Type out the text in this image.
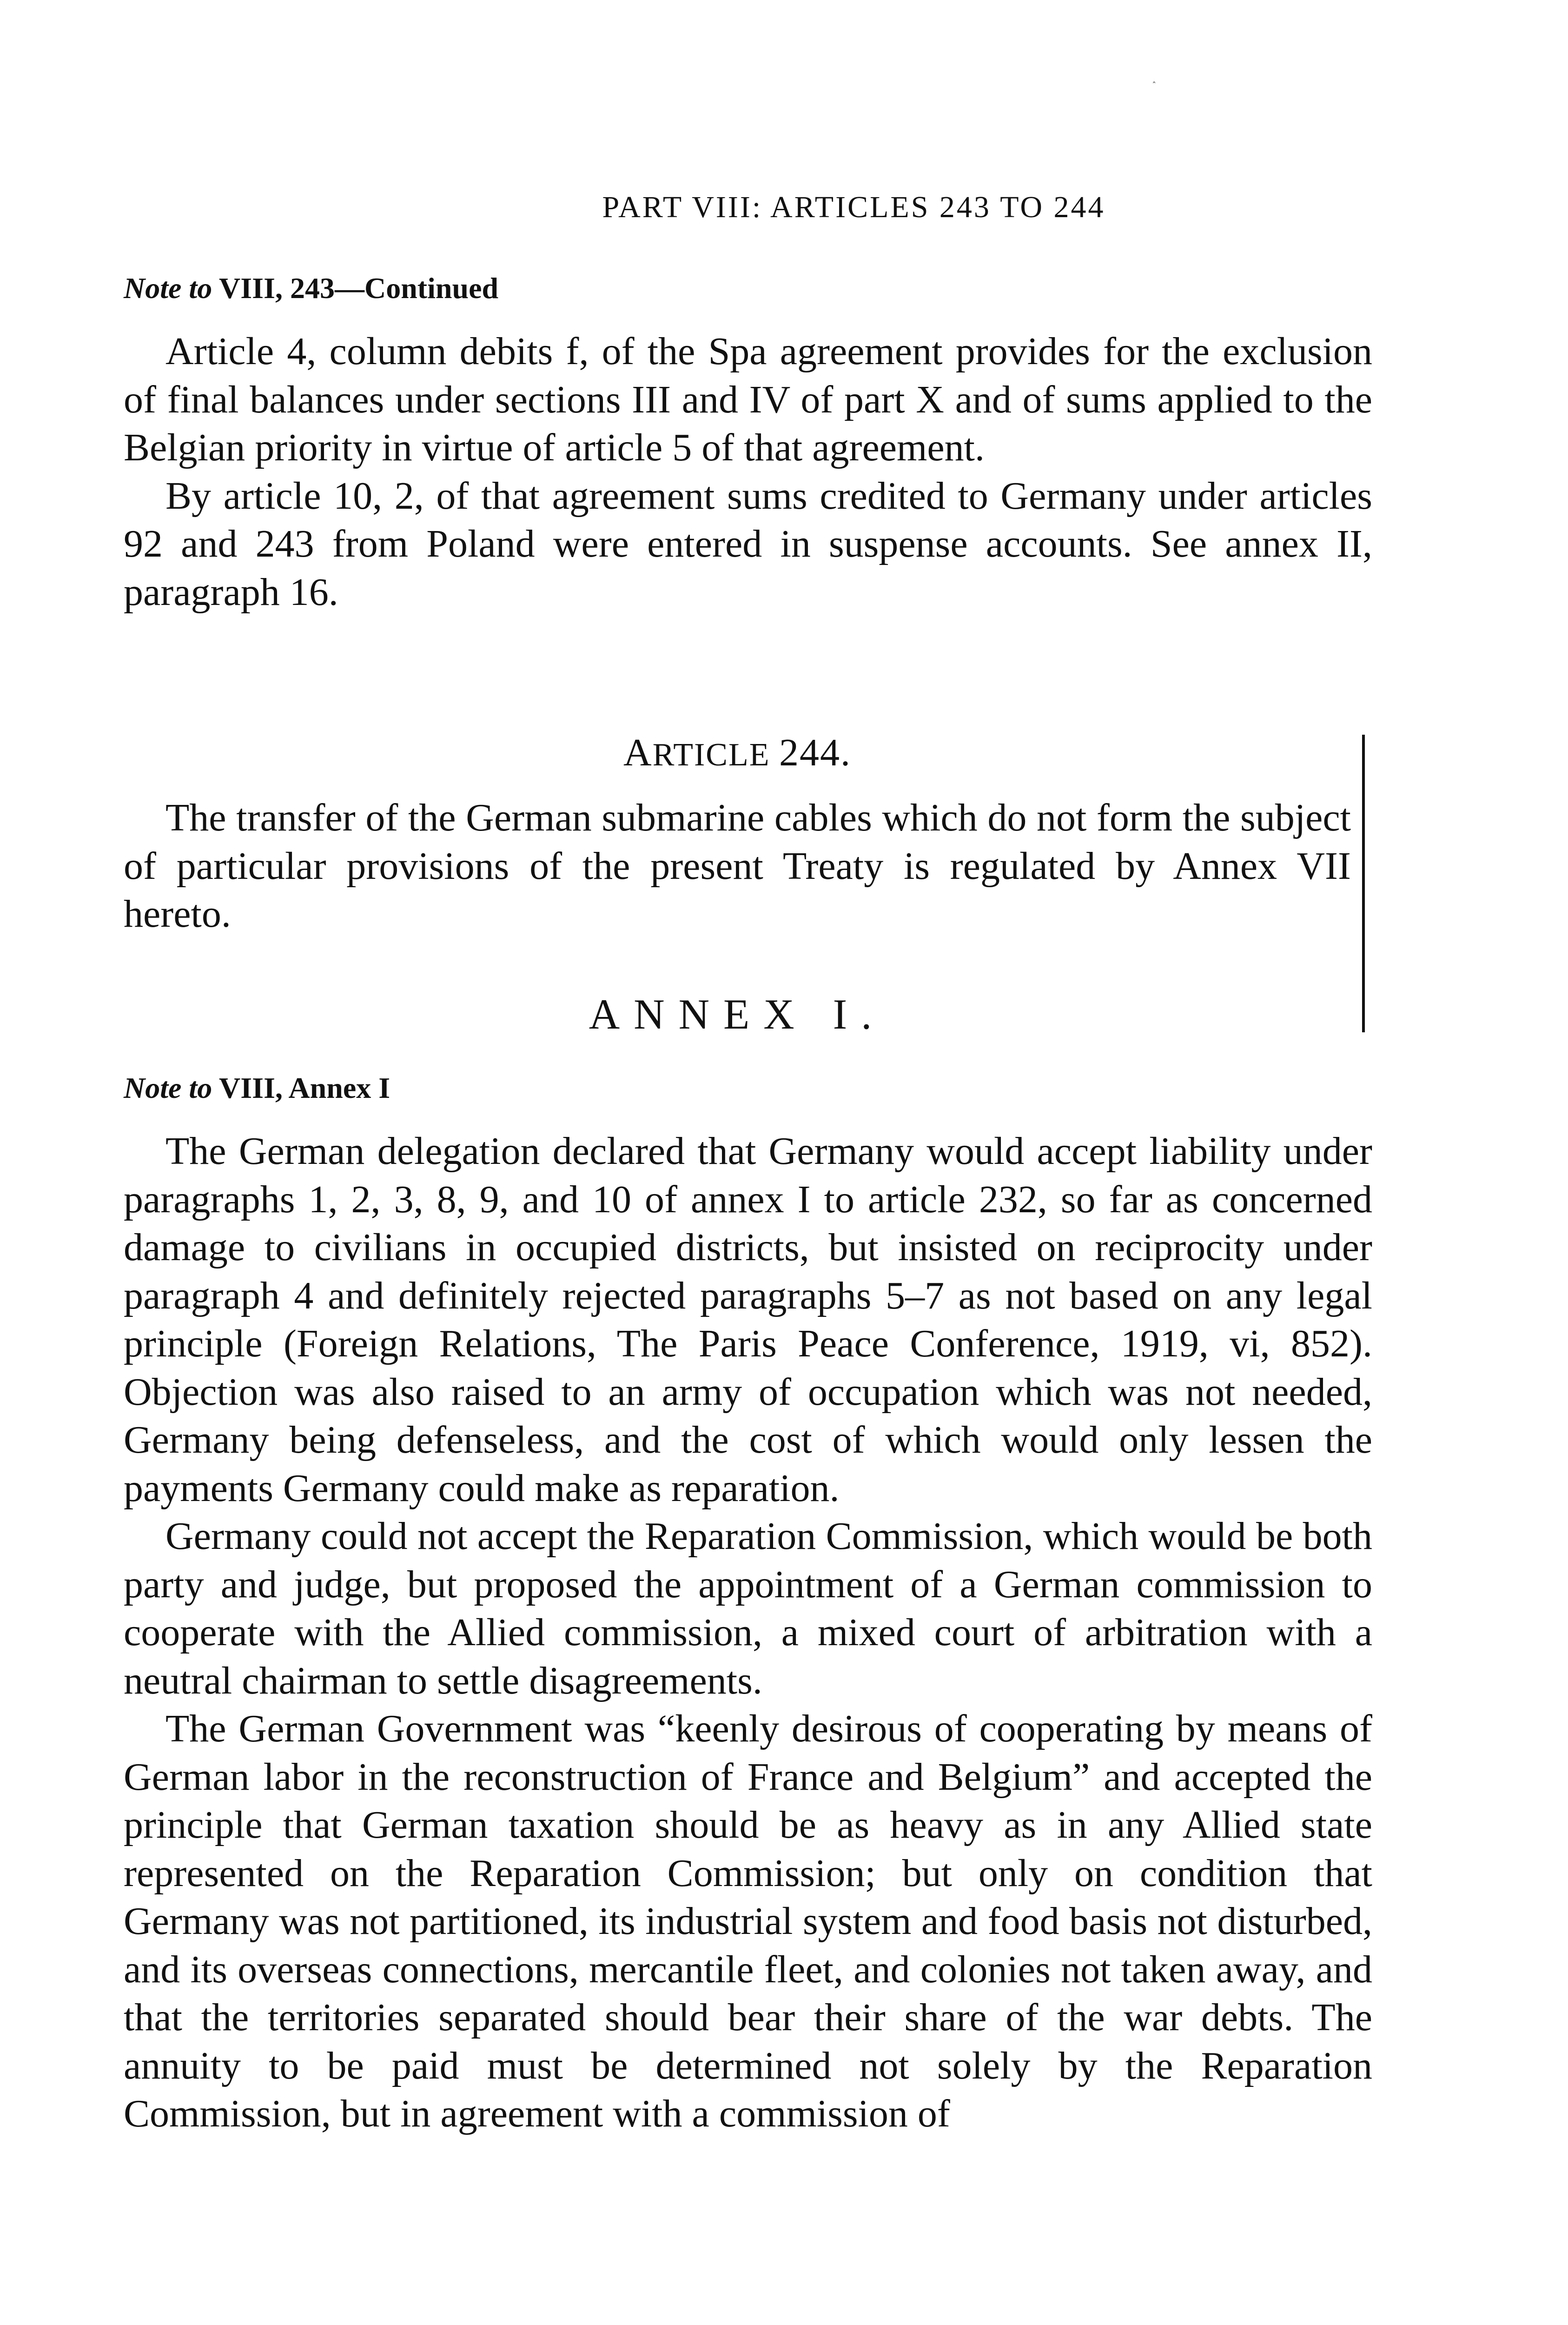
˰
PART VIII: ARTICLES 243 TO 244
Note to VIII, 243—Continued

Article 4, column debits f, of the Spa agreement provides for the exclusion of final balances under sections III and IV of part X and of sums applied to the Belgian priority in virtue of article 5 of that agreement.

By article 10, 2, of that agreement sums credited to Germany under articles 92 and 243 from Poland were entered in suspense accounts. See annex II, paragraph 16.

ARTICLE 244.

The transfer of the German submarine cables which do not form the subject of particular provisions of the present Treaty is regulated by Annex VII hereto.

ANNEX I.
Note to VIII, Annex I

The German delegation declared that Germany would accept liability under paragraphs 1, 2, 3, 8, 9, and 10 of annex I to article 232, so far as concerned damage to civilians in occupied districts, but insisted on reciprocity under paragraph 4 and definitely rejected paragraphs 5–7 as not based on any legal principle (Foreign Relations, The Paris Peace Conference, 1919, vi, 852). Objection was also raised to an army of occupation which was not needed, Germany being defenseless, and the cost of which would only lessen the payments Germany could make as reparation.

Germany could not accept the Reparation Commission, which would be both party and judge, but proposed the appointment of a German commission to cooperate with the Allied commission, a mixed court of arbitration with a neutral chairman to settle disagreements.

The German Government was “keenly desirous of cooperating by means of German labor in the reconstruction of France and Belgium” and accepted the principle that German taxation should be as heavy as in any Allied state represented on the Reparation Commission; but only on condition that Germany was not partitioned, its industrial system and food basis not disturbed, and its overseas connections, mercantile fleet, and colonies not taken away, and that the territories separated should bear their share of the war debts. The annuity to be paid must be determined not solely by the Reparation Commission, but in agreement with a commission of
